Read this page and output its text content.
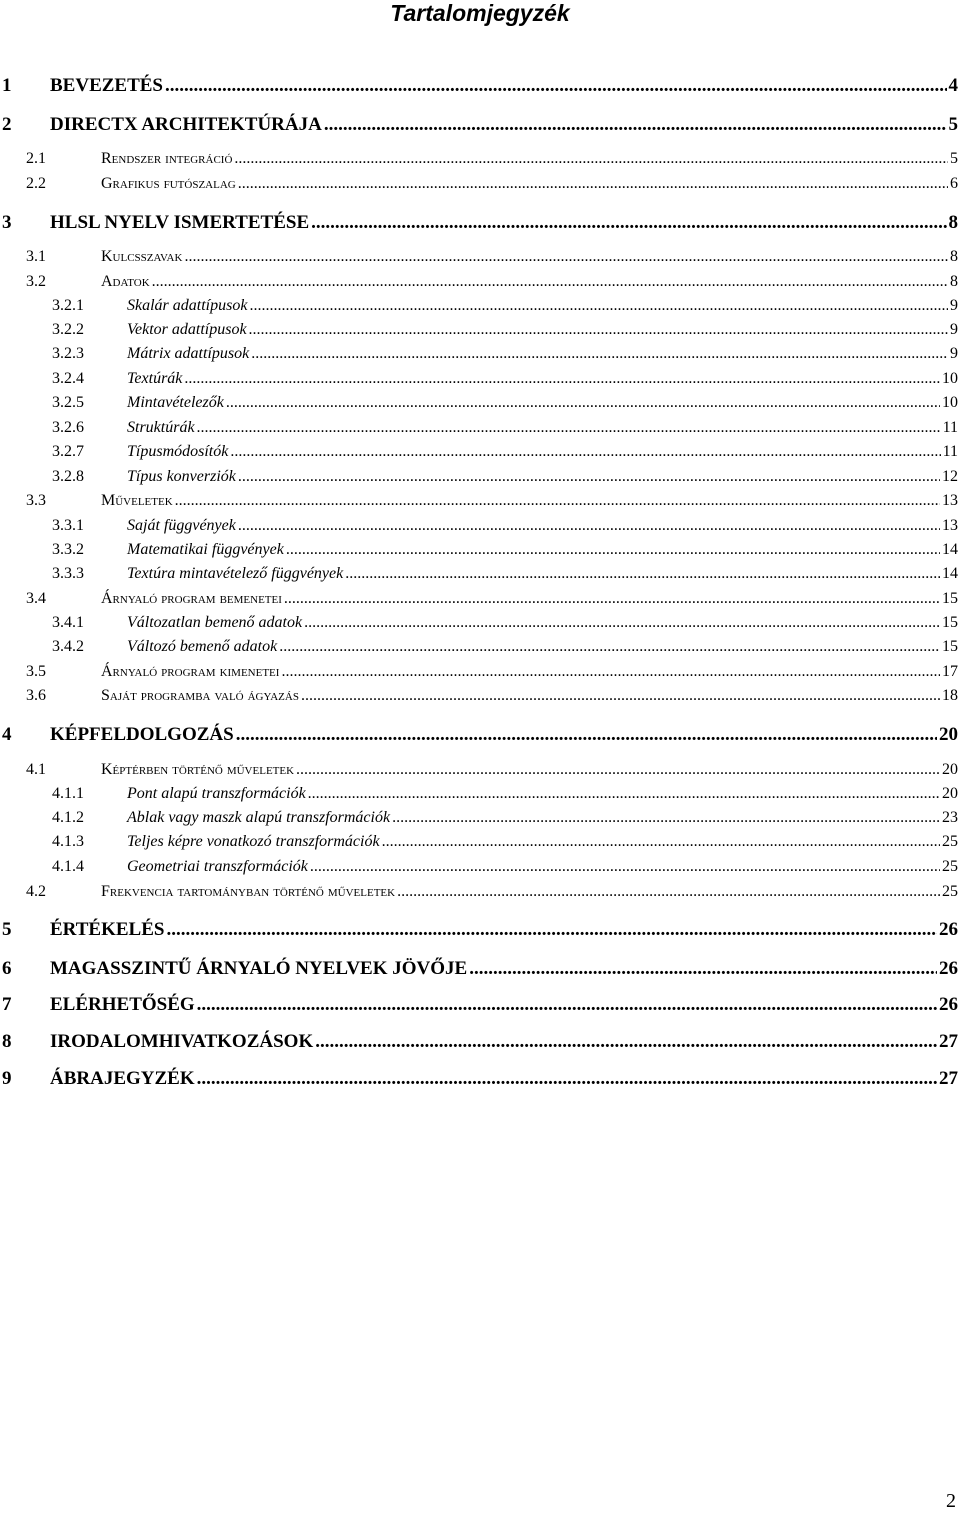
Tartalomjegyzék
1 BEVEZETÉS .....	4
2 DIRECTX ARCHITEKTÚRÁJA .....	5
2.1	Rendszer integráció .....	5
2.2	Grafikus futószalag .....	6
3 HLSL NYELV ISMERTETÉSE .....	8
3.1	Kulcsszavak .....	8
3.2	Adatok .....	8
3.2.1	Skalár adattípusok .....	9
3.2.2	Vektor adattípusok .....	9
3.2.3	Mátrix adattípusok .....	9
3.2.4	Textúrák .....	10
3.2.5	Mintavételezők .....	10
3.2.6	Struktúrák .....	11
3.2.7	Típusmódosítók .....	11
3.2.8	Típus konverziók .....	12
3.3	Műveletek .....	13
3.3.1	Saját függvények .....	13
3.3.2	Matematikai függvények .....	14
3.3.3	Textúra mintavételező függvények .....	14
3.4	Árnyaló program bemenetei .....	15
3.4.1	Változatlan bemenő adatok .....	15
3.4.2	Változó bemenő adatok .....	15
3.5	Árnyaló program kimenetei .....	17
3.6	Saját programba való ágyazás .....	18
4 KÉPFELDOLGOZÁS .....	20
4.1	Képtérben történő műveletek .....	20
4.1.1	Pont alapú transzformációk .....	20
4.1.2	Ablak vagy maszk alapú transzformációk .....	23
4.1.3	Teljes képre vonatkozó transzformációk .....	25
4.1.4	Geometriai transzformációk .....	25
4.2	Frekvencia tartományban történő műveletek .....	25
5 ÉRTÉKELÉS .....	26
6 MAGASSZINTŰ ÁRNYALÓ NYELVEK JÖVŐJE .....	26
7 ELÉRHETŐSÉG .....	26
8 IRODALOMHIVATKOZÁSOK .....	27
9 ÁBRAJEGYZÉK .....	27
2
